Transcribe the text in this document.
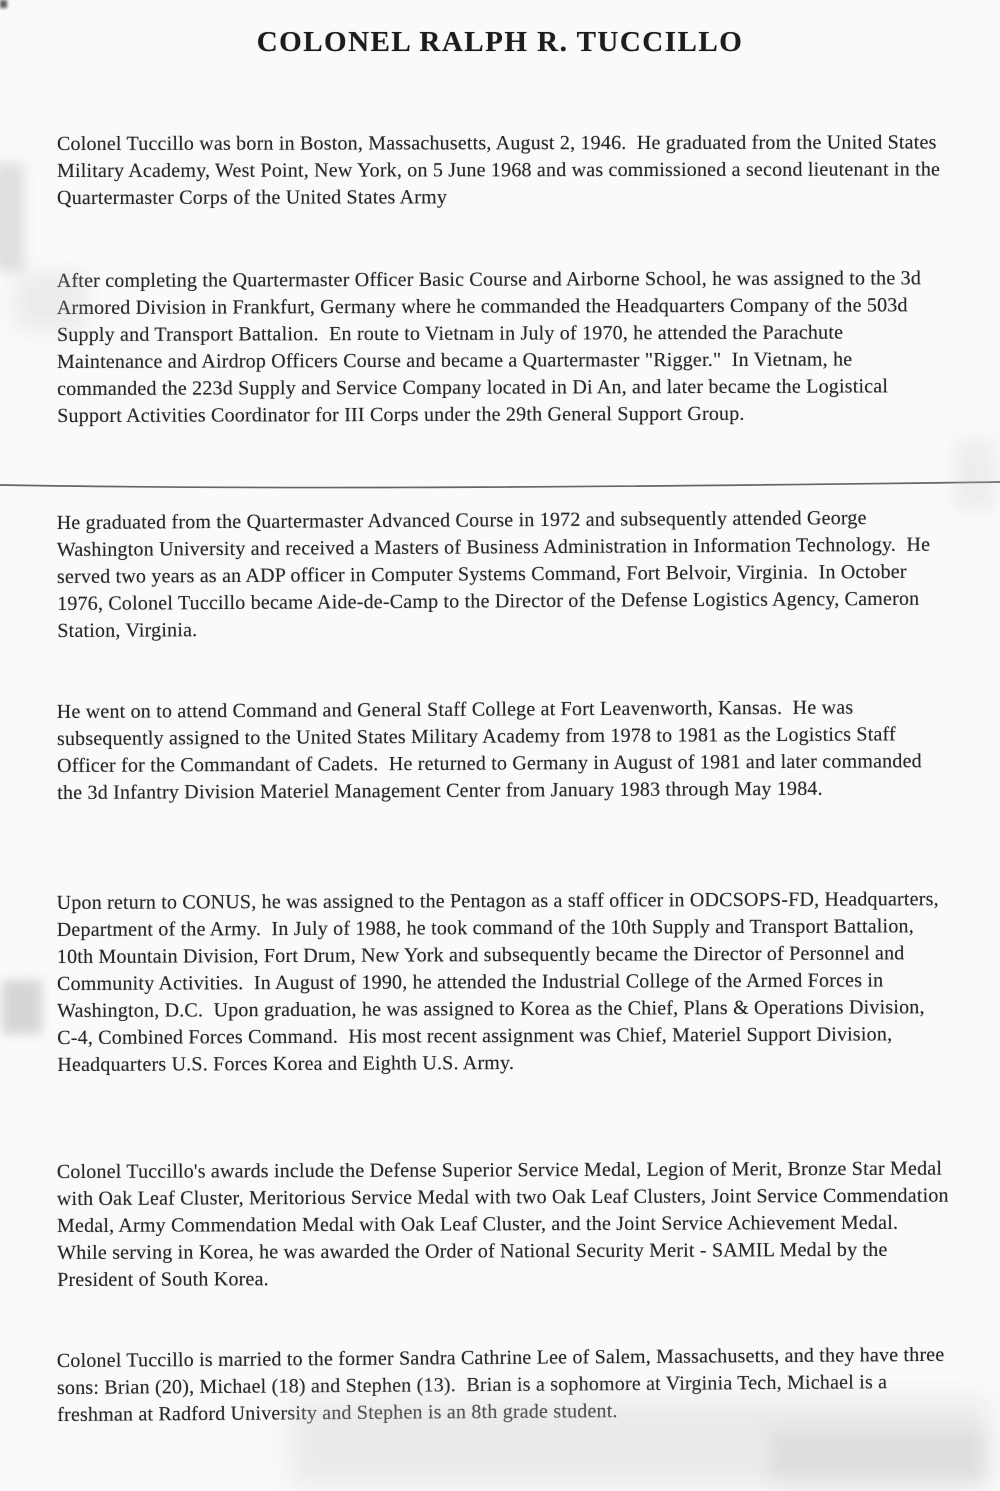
COLONEL RALPH R. TUCCILLO

Colonel Tuccillo was born in Boston, Massachusetts, August 2, 1946.  He graduated from the United States Military Academy, West Point, New York, on 5 June 1968 and was commissioned a second lieutenant in the Quartermaster Corps of the United States Army

After completing the Quartermaster Officer Basic Course and Airborne School, he was assigned to the 3d Armored Division in Frankfurt, Germany where he commanded the Headquarters Company of the 503d Supply and Transport Battalion.  En route to Vietnam in July of 1970, he attended the Parachute Maintenance and Airdrop Officers Course and became a Quartermaster "Rigger."  In Vietnam, he commanded the 223d Supply and Service Company located in Di An, and later became the Logistical Support Activities Coordinator for III Corps under the 29th General Support Group.

He graduated from the Quartermaster Advanced Course in 1972 and subsequently attended George Washington University and received a Masters of Business Administration in Information Technology.  He served two years as an ADP officer in Computer Systems Command, Fort Belvoir, Virginia.  In October 1976, Colonel Tuccillo became Aide-de-Camp to the Director of the Defense Logistics Agency, Cameron Station, Virginia.

He went on to attend Command and General Staff College at Fort Leavenworth, Kansas.  He was subsequently assigned to the United States Military Academy from 1978 to 1981 as the Logistics Staff Officer for the Commandant of Cadets.  He returned to Germany in August of 1981 and later commanded the 3d Infantry Division Materiel Management Center from January 1983 through May 1984.

Upon return to CONUS, he was assigned to the Pentagon as a staff officer in ODCSOPS-FD, Headquarters, Department of the Army.  In July of 1988, he took command of the 10th Supply and Transport Battalion, 10th Mountain Division, Fort Drum, New York and subsequently became the Director of Personnel and Community Activities.  In August of 1990, he attended the Industrial College of the Armed Forces in Washington, D.C.  Upon graduation, he was assigned to Korea as the Chief, Plans & Operations Division, C-4, Combined Forces Command.  His most recent assignment was Chief, Materiel Support Division, Headquarters U.S. Forces Korea and Eighth U.S. Army.

Colonel Tuccillo's awards include the Defense Superior Service Medal, Legion of Merit, Bronze Star Medal with Oak Leaf Cluster, Meritorious Service Medal with two Oak Leaf Clusters, Joint Service Commendation Medal, Army Commendation Medal with Oak Leaf Cluster, and the Joint Service Achievement Medal.  While serving in Korea, he was awarded the Order of National Security Merit - SAMIL Medal by the President of South Korea.

Colonel Tuccillo is married to the former Sandra Cathrine Lee of Salem, Massachusetts, and they have three sons: Brian (20), Michael (18) and Stephen (13).  Brian is a sophomore at Virginia Tech, Michael is a freshman at Radford University and Stephen is an 8th grade student.
